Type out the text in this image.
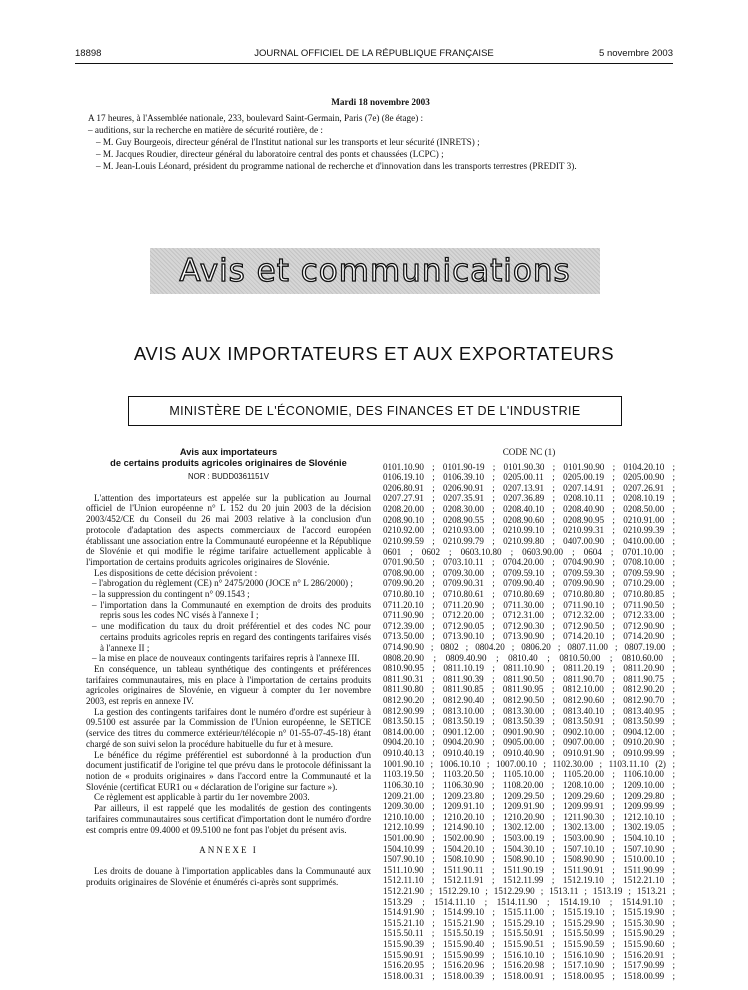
18898	JOURNAL OFFICIEL DE LA RÉPUBLIQUE FRANÇAISE	5 novembre 2003
Mardi 18 novembre 2003
A 17 heures, à l'Assemblée nationale, 233, boulevard Saint-Germain, Paris (7e) (8e étage) :
– auditions, sur la recherche en matière de sécurité routière, de :
– M. Guy Bourgeois, directeur général de l'Institut national sur les transports et leur sécurité (INRETS) ;
– M. Jacques Roudier, directeur général du laboratoire central des ponts et chaussées (LCPC) ;
– M. Jean-Louis Léonard, président du programme national de recherche et d'innovation dans les transports terrestres (PREDIT 3).
Avis et communications
AVIS AUX IMPORTATEURS ET AUX EXPORTATEURS
MINISTÈRE DE L'ÉCONOMIE, DES FINANCES ET DE L'INDUSTRIE
Avis aux importateurs
de certains produits agricoles originaires de Slovénie
NOR : BUDD0361151V

L'attention des importateurs est appelée sur la publication au Journal officiel de l'Union européenne n° L 152 du 20 juin 2003 de la décision 2003/452/CE du Conseil du 26 mai 2003 relative à la conclusion d'un protocole d'adaptation des aspects commerciaux de l'accord européen établissant une association entre la Communauté européenne et la République de Slovénie et qui modifie le régime tarifaire actuellement applicable à l'importation de certains produits agricoles originaires de Slovénie.

Les dispositions de cette décision prévoient :

– l'abrogation du règlement (CE) n° 2475/2000 (JOCE n° L 286/2000) ;

– la suppression du contingent n° 09.1543 ;

– l'importation dans la Communauté en exemption de droits des produits repris sous les codes NC visés à l'annexe I ;

– une modification du taux du droit préférentiel et des codes NC pour certains produits agricoles repris en regard des contingents tarifaires visés à l'annexe II ;

– la mise en place de nouveaux contingents tarifaires repris à l'annexe III.

En conséquence, un tableau synthétique des contingents et préférences tarifaires communautaires, mis en place à l'importation de certains produits agricoles originaires de Slovénie, en vigueur à compter du 1er novembre 2003, est repris en annexe IV.

La gestion des contingents tarifaires dont le numéro d'ordre est supérieur à 09.5100 est assurée par la Commission de l'Union européenne, le SETICE (service des titres du commerce extérieur/télécopie n° 01-55-07-45-18) étant chargé de son suivi selon la procédure habituelle du fur et à mesure.

Le bénéfice du régime préférentiel est subordonné à la production d'un document justificatif de l'origine tel que prévu dans le protocole définissant la notion de « produits originaires » dans l'accord entre la Communauté et la Slovénie (certificat EUR1 ou « déclaration de l'origine sur facture »).

Ce règlement est applicable à partir du 1er novembre 2003.

Par ailleurs, il est rappelé que les modalités de gestion des contingents tarifaires communautaires sous certificat d'importation dont le numéro d'ordre est compris entre 09.4000 et 09.5100 ne font pas l'objet du présent avis.

ANNEXE I

Les droits de douane à l'importation applicables dans la Communauté aux produits originaires de Slovénie et énumérés ci-après sont supprimés.

CODE NC (1)
0101.10.90 ; 0101.90-19 ; 0101.90.30 ; 0101.90.90 ; 0104.20.10 ;
0106.19.10 ; 0106.39.10 ; 0205.00.11 ; 0205.00.19 ; 0205.00.90 ;
0206.80.91 ; 0206.90.91 ; 0207.13.91 ; 0207.14.91 ; 0207.26.91 ;
0207.27.91 ; 0207.35.91 ; 0207.36.89 ; 0208.10.11 ; 0208.10.19 ;
0208.20.00 ; 0208.30.00 ; 0208.40.10 ; 0208.40.90 ; 0208.50.00 ;
0208.90.10 ; 0208.90.55 ; 0208.90.60 ; 0208.90.95 ; 0210.91.00 ;
0210.92.00 ; 0210.93.00 ; 0210.99.10 ; 0210.99.31 ; 0210.99.39 ;
0210.99.59 ; 0210.99.79 ; 0210.99.80 ; 0407.00.90 ; 0410.00.00 ;
0601 ; 0602 ; 0603.10.80 ; 0603.90.00 ; 0604 ; 0701.10.00 ;
0701.90.50 ; 0703.10.11 ; 0704.20.00 ; 0704.90.90 ; 0708.10.00 ;
0708.90.00 ; 0709.30.00 ; 0709.59.10 ; 0709.59.30 ; 0709.59.90 ;
0709.90.20 ; 0709.90.31 ; 0709.90.40 ; 0709.90.90 ; 0710.29.00 ;
0710.80.10 ; 0710.80.61 ; 0710.80.69 ; 0710.80.80 ; 0710.80.85 ;
0711.20.10 ; 0711.20.90 ; 0711.30.00 ; 0711.90.10 ; 0711.90.50 ;
0711.90.90 ; 0712.20.00 ; 0712.31.00 ; 0712.32.00 ; 0712.33.00 ;
0712.39.00 ; 0712.90.05 ; 0712.90.30 ; 0712.90.50 ; 0712.90.90 ;
0713.50.00 ; 0713.90.10 ; 0713.90.90 ; 0714.20.10 ; 0714.20.90 ;
0714.90.90 ; 0802 ; 0804.20 ; 0806.20 ; 0807.11.00 ; 0807.19.00 ;
0808.20.90 ; 0809.40.90 ; 0810.40 ; 0810.50.00 ; 0810.60.00 ;
0810.90.95 ; 0811.10.19 ; 0811.10.90 ; 0811.20.19 ; 0811.20.90 ;
0811.90.31 ; 0811.90.39 ; 0811.90.50 ; 0811.90.70 ; 0811.90.75 ;
0811.90.80 ; 0811.90.85 ; 0811.90.95 ; 0812.10.00 ; 0812.90.20 ;
0812.90.20 ; 0812.90.40 ; 0812.90.50 ; 0812.90.60 ; 0812.90.70 ;
0812.90.99 ; 0813.10.00 ; 0813.30.00 ; 0813.40.10 ; 0813.40.95 ;
0813.50.15 ; 0813.50.19 ; 0813.50.39 ; 0813.50.91 ; 0813.50.99 ;
0814.00.00 ; 0901.12.00 ; 0901.90.90 ; 0902.10.00 ; 0904.12.00 ;
0904.20.10 ; 0904.20.90 ; 0905.00.00 ; 0907.00.00 ; 0910.20.90 ;
0910.40.13 ; 0910.40.19 ; 0910.40.90 ; 0910.91.90 ; 0910.99.99 ;
1001.90.10 ; 1006.10.10 ; 1007.00.10 ; 1102.30.00 ; 1103.11.10 (2) ;
1103.19.50 ; 1103.20.50 ; 1105.10.00 ; 1105.20.00 ; 1106.10.00 ;
1106.30.10 ; 1106.30.90 ; 1108.20.00 ; 1208.10.00 ; 1209.10.00 ;
1209.21.00 ; 1209.23.80 ; 1209.29.50 ; 1209.29.60 ; 1209.29.80 ;
1209.30.00 ; 1209.91.10 ; 1209.91.90 ; 1209.99.91 ; 1209.99.99 ;
1210.10.00 ; 1210.20.10 ; 1210.20.90 ; 1211.90.30 ; 1212.10.10 ;
1212.10.99 ; 1214.90.10 ; 1302.12.00 ; 1302.13.00 ; 1302.19.05 ;
1501.00.90 ; 1502.00.90 ; 1503.00.19 ; 1503.00.90 ; 1504.10.10 ;
1504.10.99 ; 1504.20.10 ; 1504.30.10 ; 1507.10.10 ; 1507.10.90 ;
1507.90.10 ; 1508.10.90 ; 1508.90.10 ; 1508.90.90 ; 1510.00.10 ;
1511.10.90 ; 1511.90.11 ; 1511.90.19 ; 1511.90.91 ; 1511.90.99 ;
1512.11.10 ; 1512.11.91 ; 1512.11.99 ; 1512.19.10 ; 1512.21.10 ;
1512.21.90 ; 1512.29.10 ; 1512.29.90 ; 1513.11 ; 1513.19 ; 1513.21 ;
1513.29 ; 1514.11.10 ; 1514.11.90 ; 1514.19.10 ; 1514.91.10 ;
1514.91.90 ; 1514.99.10 ; 1515.11.00 ; 1515.19.10 ; 1515.19.90 ;
1515.21.10 ; 1515.21.90 ; 1515.29.10 ; 1515.29.90 ; 1515.30.90 ;
1515.50.11 ; 1515.50.19 ; 1515.50.91 ; 1515.50.99 ; 1515.90.29 ;
1515.90.39 ; 1515.90.40 ; 1515.90.51 ; 1515.90.59 ; 1515.90.60 ;
1515.90.91 ; 1515.90.99 ; 1516.10.10 ; 1516.10.90 ; 1516.20.91 ;
1516.20.95 ; 1516.20.96 ; 1516.20.98 ; 1517.10.90 ; 1517.90.99 ;
1518.00.31 ; 1518.00.39 ; 1518.00.91 ; 1518.00.95 ; 1518.00.99 ;
